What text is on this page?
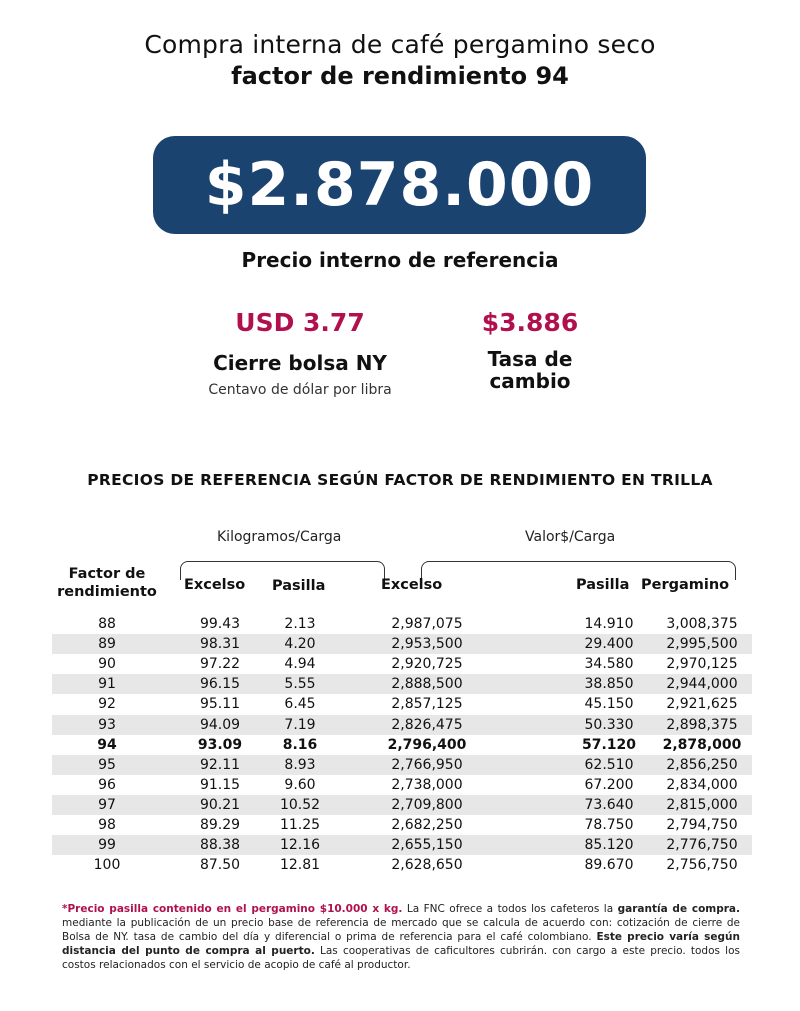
Compra interna de café pergamino seco
factor de rendimiento 94
$2.878.000
Precio interno de referencia
USD 3.77
Cierre bolsa NY
Centavo de dólar por libra
$3.886
Tasa de
cambio
PRECIOS DE REFERENCIA SEGÚN FACTOR DE RENDIMIENTO EN TRILLA
Kilogramos/Carga	Valor$/Carga
Factor de
rendimiento	Excelso Pasilla	Excelso	Pasilla Pergamino
88	99.43	2.13	2,987,075	14.910	3,008,375
89	98.31	4.20	2,953,500	29.400	2,995,500
90	97.22	4.94	2,920,725	34.580	2,970,125
91	96.15	5.55	2,888,500	38.850	2,944,000
92	95.11	6.45	2,857,125	45.150	2,921,625
93	94.09	7.19	2,826,475	50.330	2,898,375
94	93.09	8.16	2,796,400	57.120	2,878,000
95	92.11	8.93	2,766,950	62.510	2,856,250
96	91.15	9.60	2,738,000	67.200	2,834,000
97	90.21	10.52	2,709,800	73.640	2,815,000
98	89.29	11.25	2,682,250	78.750	2,794,750
99	88.38	12.16	2,655,150	85.120	2,776,750
100	87.50	12.81	2,628,650	89.670	2,756,750
*Precio pasilla contenido en el pergamino $10.000 x kg. La FNC ofrece a todos los cafeteros la garantía de compra. mediante la publicación de un precio base de referencia de mercado que se calcula de acuerdo con: cotización de cierre de Bolsa de NY. tasa de cambio del día y diferencial o prima de referencia para el café colombiano. Este precio varía según distancia del punto de compra al puerto. Las cooperativas de caficultores cubrirán. con cargo a este precio. todos los costos relacionados con el servicio de acopio de café al productor.
